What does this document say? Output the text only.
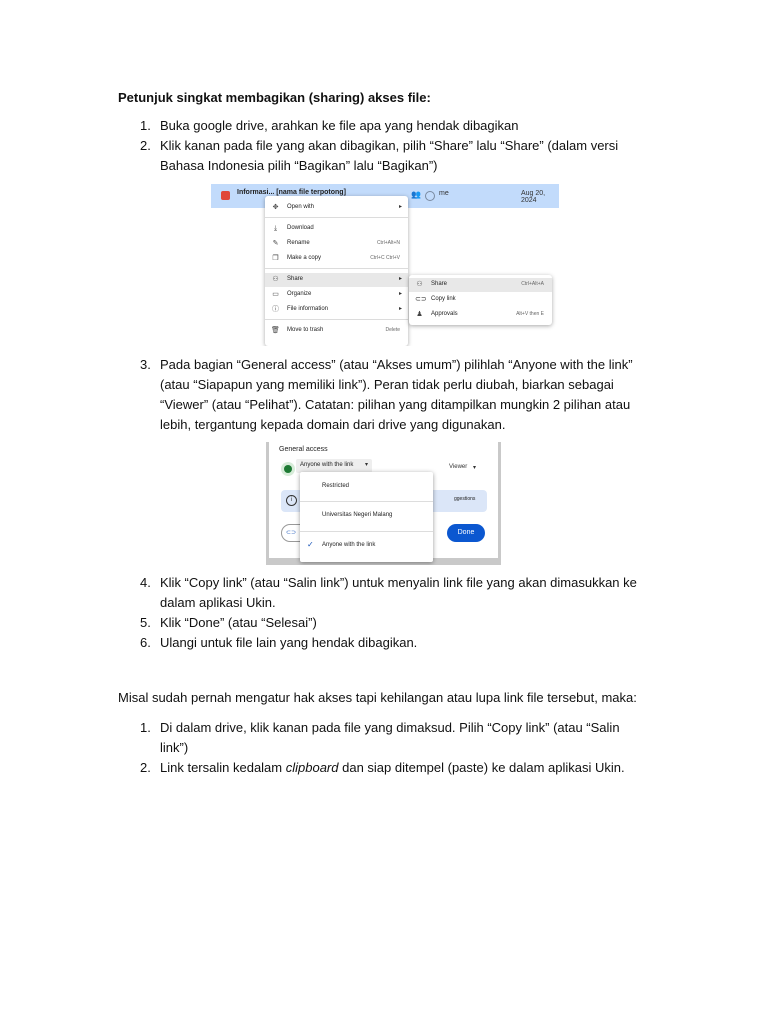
Petunjuk singkat membagikan (sharing) akses file:
1. Buka google drive, arahkan ke file apa yang hendak dibagikan
2. Klik kanan pada file yang akan dibagikan, pilih “Share” lalu “Share” (dalam versi
Bahasa Indonesia pilih “Bagikan” lalu “Bagikan”)
Informasi... [nama file terpotong]	👥	me	Aug 20, 2024
✥ Open with	▸
⤓	Download
✎ Rename	Ctrl+Alt+N
❐ Make a copy	Ctrl+C Ctrl+V
⚇ Share	▸
▭ Organize	▸
ⓘ File information	▸
🗑 Move to trash	Delete
⚇ Share	Ctrl+Alt+A
⊂⊃ Copy link
♟ Approvals	Alt+V then E
3. Pada bagian “General access” (atau “Akses umum”) pilihlah “Anyone with the link”
(atau “Siapapun yang memiliki link”). Peran tidak perlu diubah, biarkan sebagai
“Viewer” (atau “Pelihat”). Catatan: pilihan yang ditampilkan mungkin 2 pilihan atau
lebih, tergantung kepada domain dari drive yang digunakan.
General access
Anyone with the link ▾	Viewer ▾
i	ggestions
⊂⊃	Done
Restricted
Universitas Negeri Malang
✓ Anyone with the link
4. Klik “Copy link” (atau “Salin link”) untuk menyalin link file yang akan dimasukkan ke
dalam aplikasi Ukin.
5. Klik “Done” (atau “Selesai”)
6. Ulangi untuk file lain yang hendak dibagikan.
Misal sudah pernah mengatur hak akses tapi kehilangan atau lupa link file tersebut, maka:
1. Di dalam drive, klik kanan pada file yang dimaksud. Pilih “Copy link” (atau “Salin
link”)
2. Link tersalin kedalam clipboard dan siap ditempel (paste) ke dalam aplikasi Ukin.
